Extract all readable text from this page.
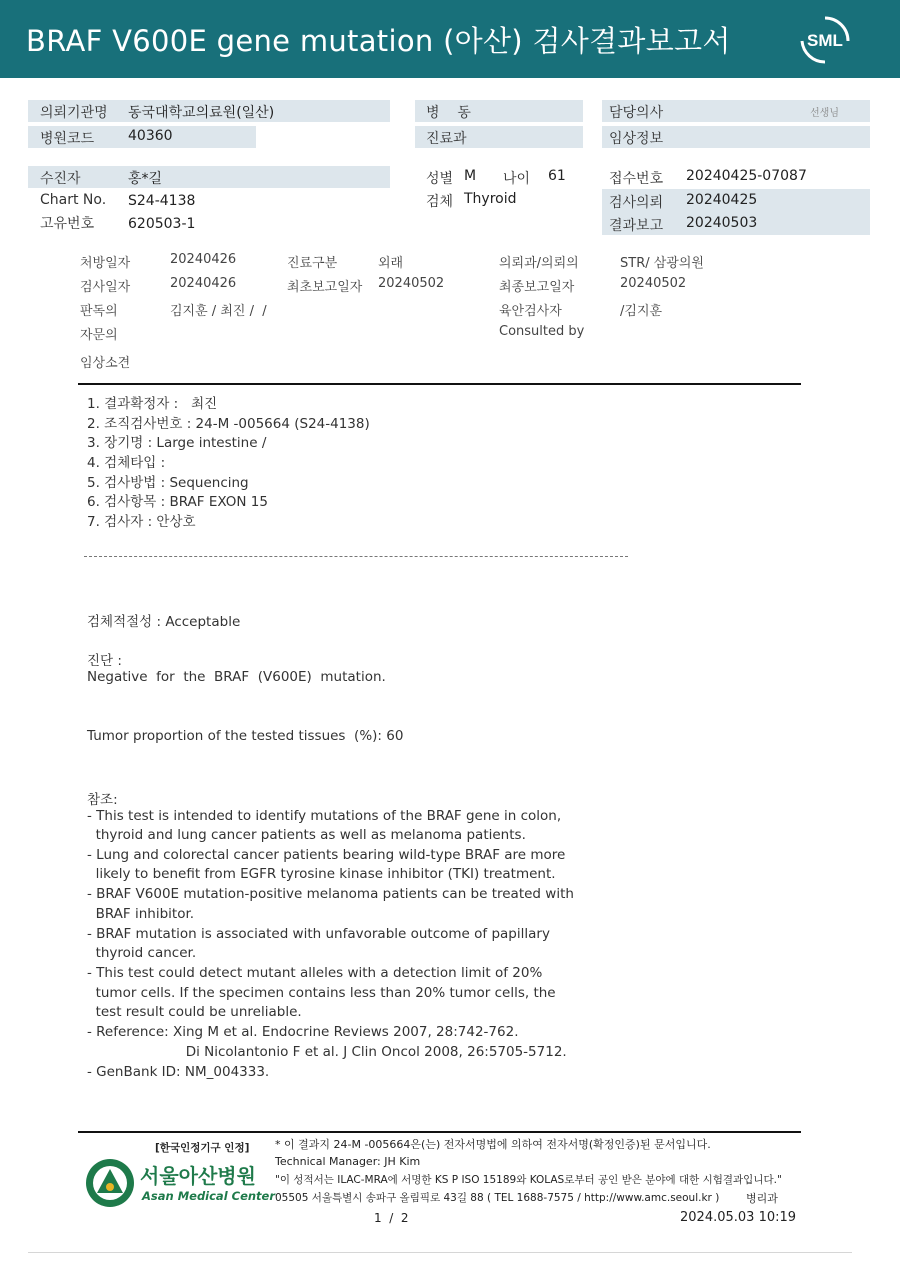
BRAF V600E gene mutation (아산) 검사결과보고서	SML
의뢰기관명 동국대학교의료원(일산)
병원코드 40360
병    동
진료과
담당의사	선생님
임상정보
수진자	홍*길
Chart No. S24-4138
고유번호 620503-1
성별 M 나이 61
검체 Thyroid
접수번호 20240425-07087
검사의뢰 20240425
결과보고 20240503
처방일자	20240426
검사일자	20240426
판독의	김지훈 / 최진 /  /
자문의
임상소견
진료구분	외래
최초보고일자 20240502
의뢰과/의뢰의	STR/ 삼광의원
최종보고일자	20240502
육안검사자	/김지훈
Consulted by
1. 결과확정자 :   최진
2. 조직검사번호 : 24-M -005664 (S24-4138)
3. 장기명 : Large intestine /
4. 검체타입 :
5. 검사방법 : Sequencing
6. 검사항목 : BRAF EXON 15
7. 검사자 : 안상호
검체적절성 : Acceptable
진단 :
Negative  for  the  BRAF  (V600E)  mutation.
Tumor proportion of the tested tissues  (%): 60
참조:
- This test is intended to identify mutations of the BRAF gene in colon,
thyroid and lung cancer patients as well as melanoma patients.
- Lung and colorectal cancer patients bearing wild-type BRAF are more
likely to benefit from EGFR tyrosine kinase inhibitor (TKI) treatment.
- BRAF V600E mutation-positive melanoma patients can be treated with
BRAF inhibitor.
- BRAF mutation is associated with unfavorable outcome of papillary
thyroid cancer.
- This test could detect mutant alleles with a detection limit of 20%
tumor cells. If the specimen contains less than 20% tumor cells, the
test result could be unreliable.
- Reference: Xing M et al. Endocrine Reviews 2007, 28:742-762.
Di Nicolantonio F et al. J Clin Oncol 2008, 26:5705-5712.
- GenBank ID: NM_004333.
[한국인정기구 인정]
서울아산병원
Asan Medical Center
* 이 결과지 24-M -005664은(는) 전자서명법에 의하여 전자서명(확정인증)된 문서입니다.
Technical Manager: JH Kim
"이 성적서는 ILAC-MRA에 서명한 KS P ISO 15189와 KOLAS로부터 공인 받은 분야에 대한 시험결과입니다."
05505 서울특별시 송파구 올림픽로 43길 88 ( TEL 1688-7575 / http://www.amc.seoul.kr ) 병리과
1  /  2	2024.05.03 10:19
